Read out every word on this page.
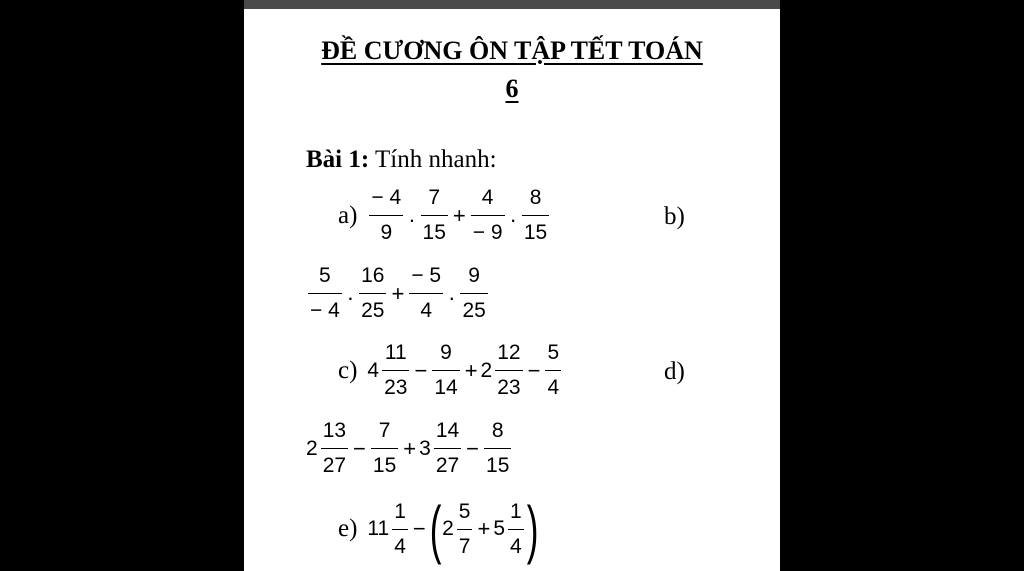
ĐỀ CƯƠNG ÔN TẬP TẾT TOÁN
6
Bài 1: Tính nhanh:
$a) \frac{- 4}{9} \cdot \frac{7}{15} + \frac{4}{- 9} \cdot \frac{8}{15}$	b)
$\frac{5}{- 4} \cdot \frac{16}{25} + \frac{- 5}{4} \cdot \frac{9}{25}$
c) $4 \frac{11}{23} - \frac{9}{14} + 2 \frac{12}{23} - \frac{5}{4}$	d)
$2 \frac{13}{27} - \frac{7}{15} + 3 \frac{14}{27} - \frac{8}{15}$
e) $11 \frac{1}{4}$ − ( $2 \frac{5}{7} + 5 \frac{1}{4}$ )
